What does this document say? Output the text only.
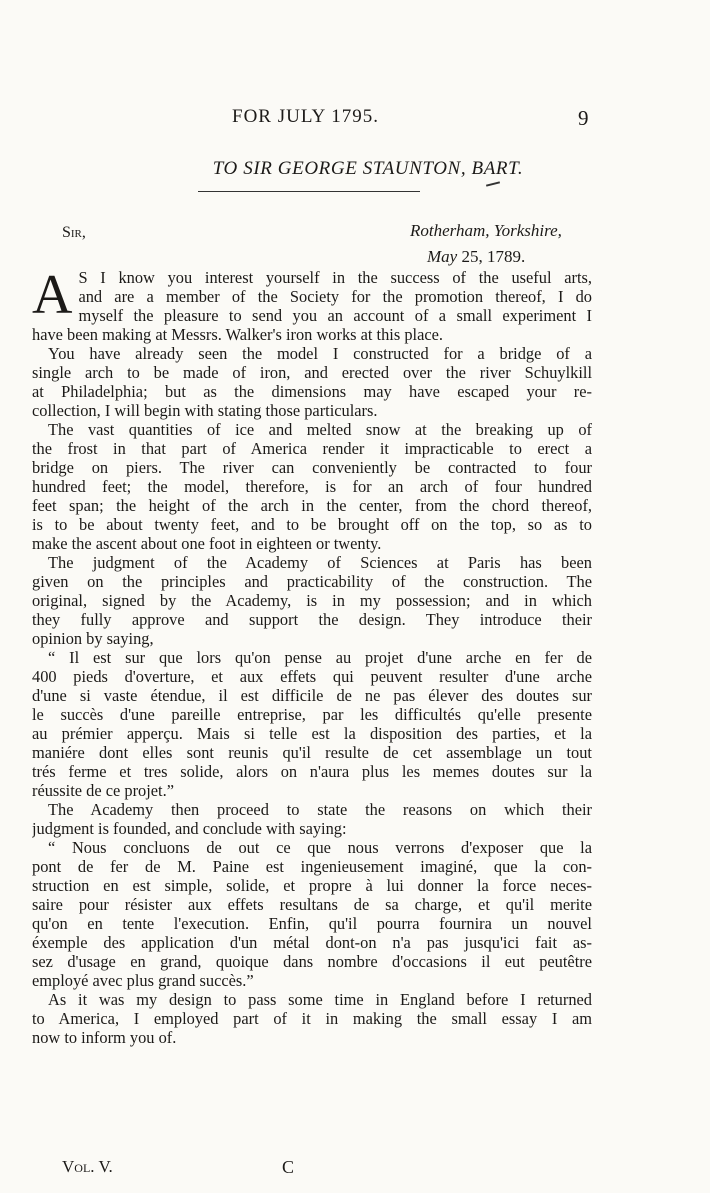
FOR JULY 1795.	9
TO SIR GEORGE STAUNTON, BART.
Sir,	Rotherham, Yorkshire,
May 25, 1789.
A S I know you interest yourself in the success of the useful arts,
and are a member of the Society for the promotion thereof, I do
myself the pleasure to send you an account of a small experiment I
have been making at Messrs. Walker's iron works at this place.
You have already seen the model I constructed for a bridge of a
single arch to be made of iron, and erected over the river Schuylkill
at Philadelphia; but as the dimensions may have escaped your re-
collection, I will begin with stating those particulars.
The vast quantities of ice and melted snow at the breaking up of
the frost in that part of America render it impracticable to erect a
bridge on piers. The river can conveniently be contracted to four
hundred feet; the model, therefore, is for an arch of four hundred
feet span; the height of the arch in the center, from the chord thereof,
is to be about twenty feet, and to be brought off on the top, so as to
make the ascent about one foot in eighteen or twenty.
The judgment of the Academy of Sciences at Paris has been
given on the principles and practicability of the construction. The
original, signed by the Academy, is in my possession; and in which
they fully approve and support the design. They introduce their
opinion by saying,
“ Il est sur que lors qu'on pense au projet d'une arche en fer de
400 pieds d'overture, et aux effets qui peuvent resulter d'une arche
d'une si vaste étendue, il est difficile de ne pas élever des doutes sur
le succès d'une pareille entreprise, par les difficultés qu'elle presente
au prémier apperçu. Mais si telle est la disposition des parties, et la
maniére dont elles sont reunis qu'il resulte de cet assemblage un tout
trés ferme et tres solide, alors on n'aura plus les memes doutes sur la
réussite de ce projet.”
The Academy then proceed to state the reasons on which their
judgment is founded, and conclude with saying:
“ Nous concluons de out ce que nous verrons d'exposer que la
pont de fer de M. Paine est ingenieusement imaginé, que la con-
struction en est simple, solide, et propre à lui donner la force neces-
saire pour résister aux effets resultans de sa charge, et qu'il merite
qu'on en tente l'execution. Enfin, qu'il pourra fournira un nouvel
éxemple des application d'un métal dont-on n'a pas jusqu'ici fait as-
sez d'usage en grand, quoique dans nombre d'occasions il eut peutêtre
employé avec plus grand succès.”
As it was my design to pass some time in England before I returned
to America, I employed part of it in making the small essay I am
now to inform you of.
Vol. V.	C
